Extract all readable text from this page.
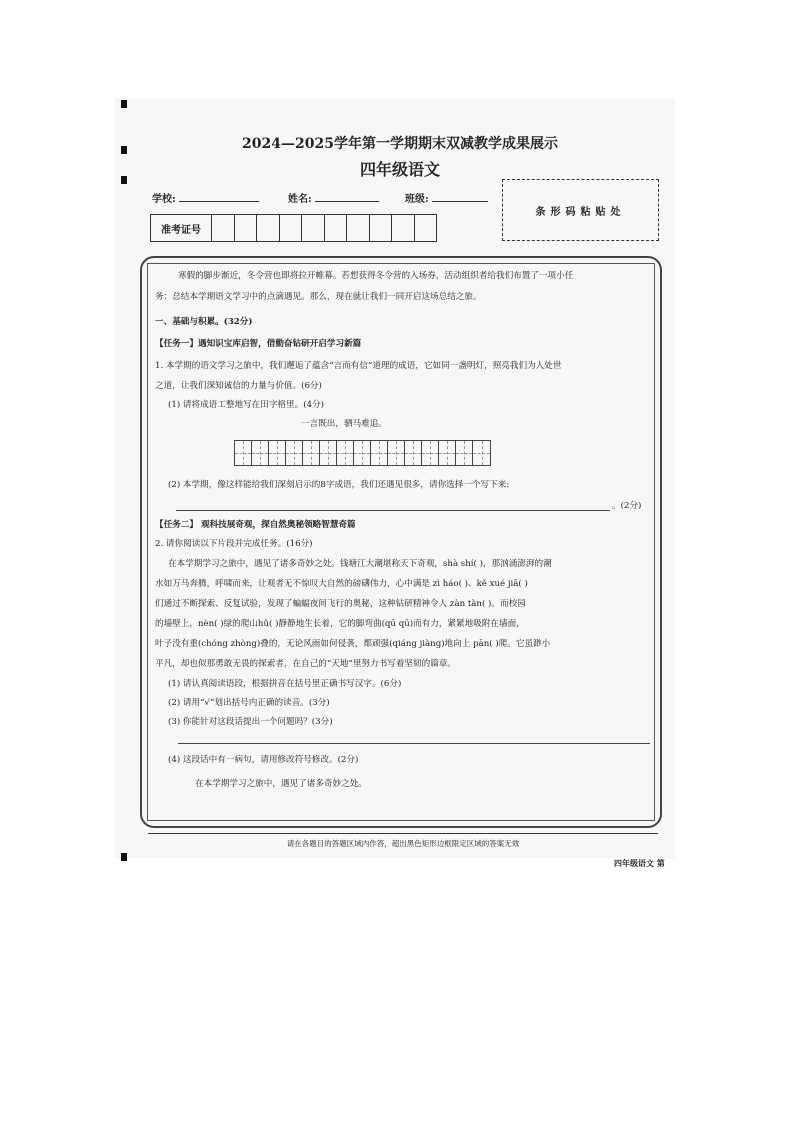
2024—2025学年第一学期期末双减教学成果展示
四年级语文
学校:	姓名:	班级:
条形码粘贴处
准考证号
寒假的脚步渐近，冬令营也即将拉开帷幕。若想获得冬令营的入场券，活动组织者给我们布置了一项小任
务：总结本学期语文学习中的点滴遇见。那么，现在就让我们一同开启这场总结之旅。
一、基础与积累。(32分)
【任务一】遇知识宝库启智，借勤奋钻研开启学习新篇
1. 本学期的语文学习之旅中，我们邂逅了蕴含“言而有信”道理的成语，它如同一盏明灯，照亮我们为人处世
之道，让我们深知诚信的力量与价值。(6分)
(1) 请将成语工整地写在田字格里。(4分)
一言既出，驷马难追。
(2) 本学期，像这样能给我们深刻启示的8字成语，我们还遇见很多，请你选择一个写下来:
。(2分)
【任务二】 观科技展奇观，探自然奥秘领略智慧奇篇
2. 请你阅读以下片段并完成任务。(16分)
在本学期学习之旅中，遇见了诸多奇妙之处。钱塘江大潮堪称天下奇观，shà shí( )，那汹涌澎湃的潮
水如万马奔腾，呼啸而来，让观者无不惊叹大自然的磅礴伟力，心中满是 zì háo( )、kě xué jiā( )
们通过不断探索、反复试验，发现了蝙蝠夜间飞行的奥秘，这种钻研精神令人 zàn tàn( )。而校园
的墙壁上，nèn( )绿的爬山hǔ( )静静地生长着，它的脚弯曲(qū qū)而有力，紧紧地吸附在墙面，
叶子没有重(chóng zhòng)叠的，无论风雨如何侵袭，都顽强(qiáng jiàng)地向上 pān( )爬。它虽渺小
平凡，却也似那勇敢无畏的探索者，在自己的“天地”里努力书写着坚韧的篇章。
(1) 请认真阅读语段，根据拼音在括号里正确书写汉字。(6分)
(2) 请用“√”划出括号内正确的读音。(3分)
(3) 你能针对这段话提出一个问题吗？(3分)
(4) 这段话中有一病句，请用修改符号修改。(2分)
在本学期学习之旅中，遇见了诸多奇妙之处。
请在各题目的答题区域内作答，超出黑色矩形边框限定区域的答案无效
四年级语文 第
